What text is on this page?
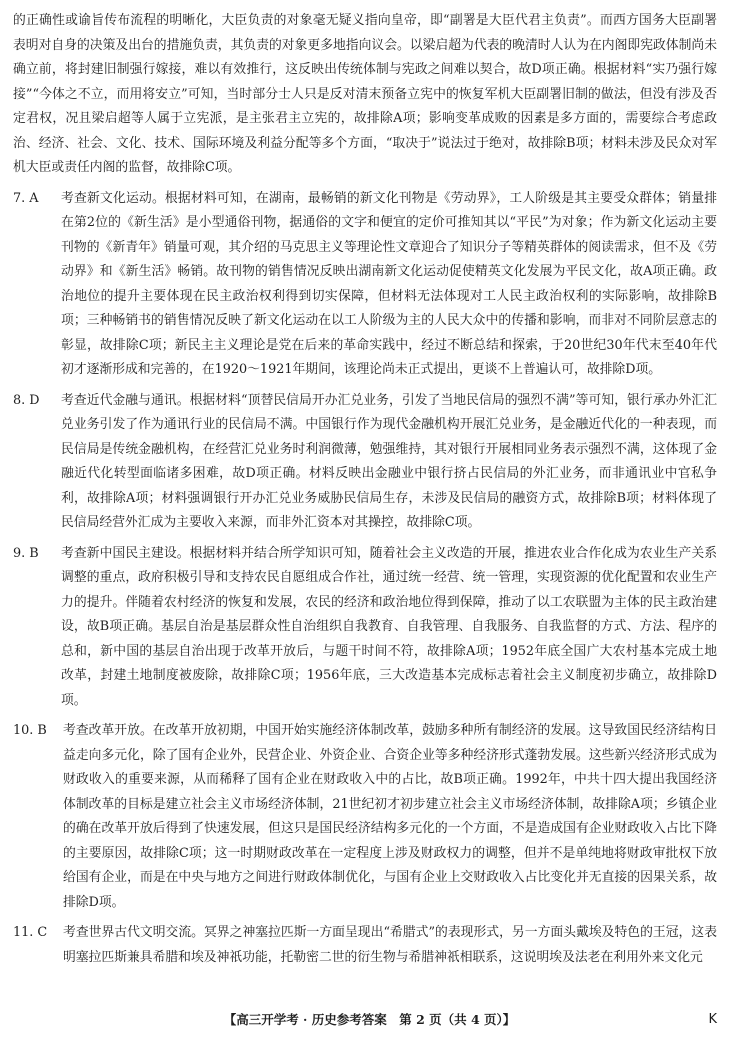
的正确性或谕旨传布流程的明晰化，大臣负责的对象毫无疑义指向皇帝，即“副署是大臣代君主负责”。而西方国务大臣副署表明对自身的决策及出台的措施负责，其负责的对象更多地指向议会。以梁启超为代表的晚清时人认为在内阁即宪政体制尚未确立前，将封建旧制强行嫁接，难以有效推行，这反映出传统体制与宪政之间难以契合，故D项正确。根据材料“实乃强行嫁接”“今体之不立，而用将安立”可知，当时部分士人只是反对清末预备立宪中的恢复军机大臣副署旧制的做法，但没有涉及否定君权，况且梁启超等人属于立宪派，是主张君主立宪的，故排除A项；影响变革成败的因素是多方面的，需要综合考虑政治、经济、社会、文化、技术、国际环境及利益分配等多个方面，“取决于”说法过于绝对，故排除B项；材料未涉及民众对军机大臣或责任内阁的监督，故排除C项。

7. A	考查新文化运动。根据材料可知，在湖南，最畅销的新文化刊物是《劳动界》，工人阶级是其主要受众群体；销量排在第2位的《新生活》是小型通俗刊物，据通俗的文字和便宜的定价可推知其以“平民”为对象；作为新文化运动主要刊物的《新青年》销量可观，其介绍的马克思主义等理论性文章迎合了知识分子等精英群体的阅读需求，但不及《劳动界》和《新生活》畅销。故刊物的销售情况反映出湖南新文化运动促使精英文化发展为平民文化，故A项正确。政治地位的提升主要体现在民主政治权利得到切实保障，但材料无法体现对工人民主政治权利的实际影响，故排除B项；三种畅销书的销售情况反映了新文化运动在以工人阶级为主的人民大众中的传播和影响，而非对不同阶层意志的彰显，故排除C项；新民主主义理论是党在后来的革命实践中，经过不断总结和探索，于20世纪30年代末至40年代初才逐渐形成和完善的，在1920～1921年期间，该理论尚未正式提出，更谈不上普遍认可，故排除D项。

8. D	考查近代金融与通讯。根据材料“顶替民信局开办汇兑业务，引发了当地民信局的强烈不满”等可知，银行承办外汇汇兑业务引发了作为通讯行业的民信局不满。中国银行作为现代金融机构开展汇兑业务，是金融近代化的一种表现，而民信局是传统金融机构，在经营汇兑业务时利润微薄，勉强维持，其对银行开展相同业务表示强烈不满，这体现了金融近代化转型面临诸多困难，故D项正确。材料反映出金融业中银行挤占民信局的外汇业务，而非通讯业中官私争利，故排除A项；材料强调银行开办汇兑业务威胁民信局生存，未涉及民信局的融资方式，故排除B项；材料体现了民信局经营外汇成为主要收入来源，而非外汇资本对其操控，故排除C项。

9. B	考查新中国民主建设。根据材料并结合所学知识可知，随着社会主义改造的开展，推进农业合作化成为农业生产关系调整的重点，政府积极引导和支持农民自愿组成合作社，通过统一经营、统一管理，实现资源的优化配置和农业生产力的提升。伴随着农村经济的恢复和发展，农民的经济和政治地位得到保障，推动了以工农联盟为主体的民主政治建设，故B项正确。基层自治是基层群众性自治组织自我教育、自我管理、自我服务、自我监督的方式、方法、程序的总和，新中国的基层自治出现于改革开放后，与题干时间不符，故排除A项；1952年底全国广大农村基本完成土地改革，封建土地制度被废除，故排除C项；1956年底，三大改造基本完成标志着社会主义制度初步确立，故排除D项。

10. B	考查改革开放。在改革开放初期，中国开始实施经济体制改革，鼓励多种所有制经济的发展。这导致国民经济结构日益走向多元化，除了国有企业外，民营企业、外资企业、合资企业等多种经济形式蓬勃发展。这些新兴经济形式成为财政收入的重要来源，从而稀释了国有企业在财政收入中的占比，故B项正确。1992年，中共十四大提出我国经济体制改革的目标是建立社会主义市场经济体制，21世纪初才初步建立社会主义市场经济体制，故排除A项；乡镇企业的确在改革开放后得到了快速发展，但这只是国民经济结构多元化的一个方面，不是造成国有企业财政收入占比下降的主要原因，故排除C项；这一时期财政改革在一定程度上涉及财政权力的调整，但并不是单纯地将财政审批权下放给国有企业，而是在中央与地方之间进行财政体制优化，与国有企业上交财政收入占比变化并无直接的因果关系，故排除D项。

11. C	考查世界古代文明交流。冥界之神塞拉匹斯一方面呈现出“希腊式”的表现形式，另一方面头戴埃及特色的王冠，这表明塞拉匹斯兼具希腊和埃及神祇功能，托勒密二世的衍生物与希腊神祇相联系，这说明埃及法老在利用外来文化元

【高三开学考 · 历史参考答案　第 2 页（共 4 页）】	K
